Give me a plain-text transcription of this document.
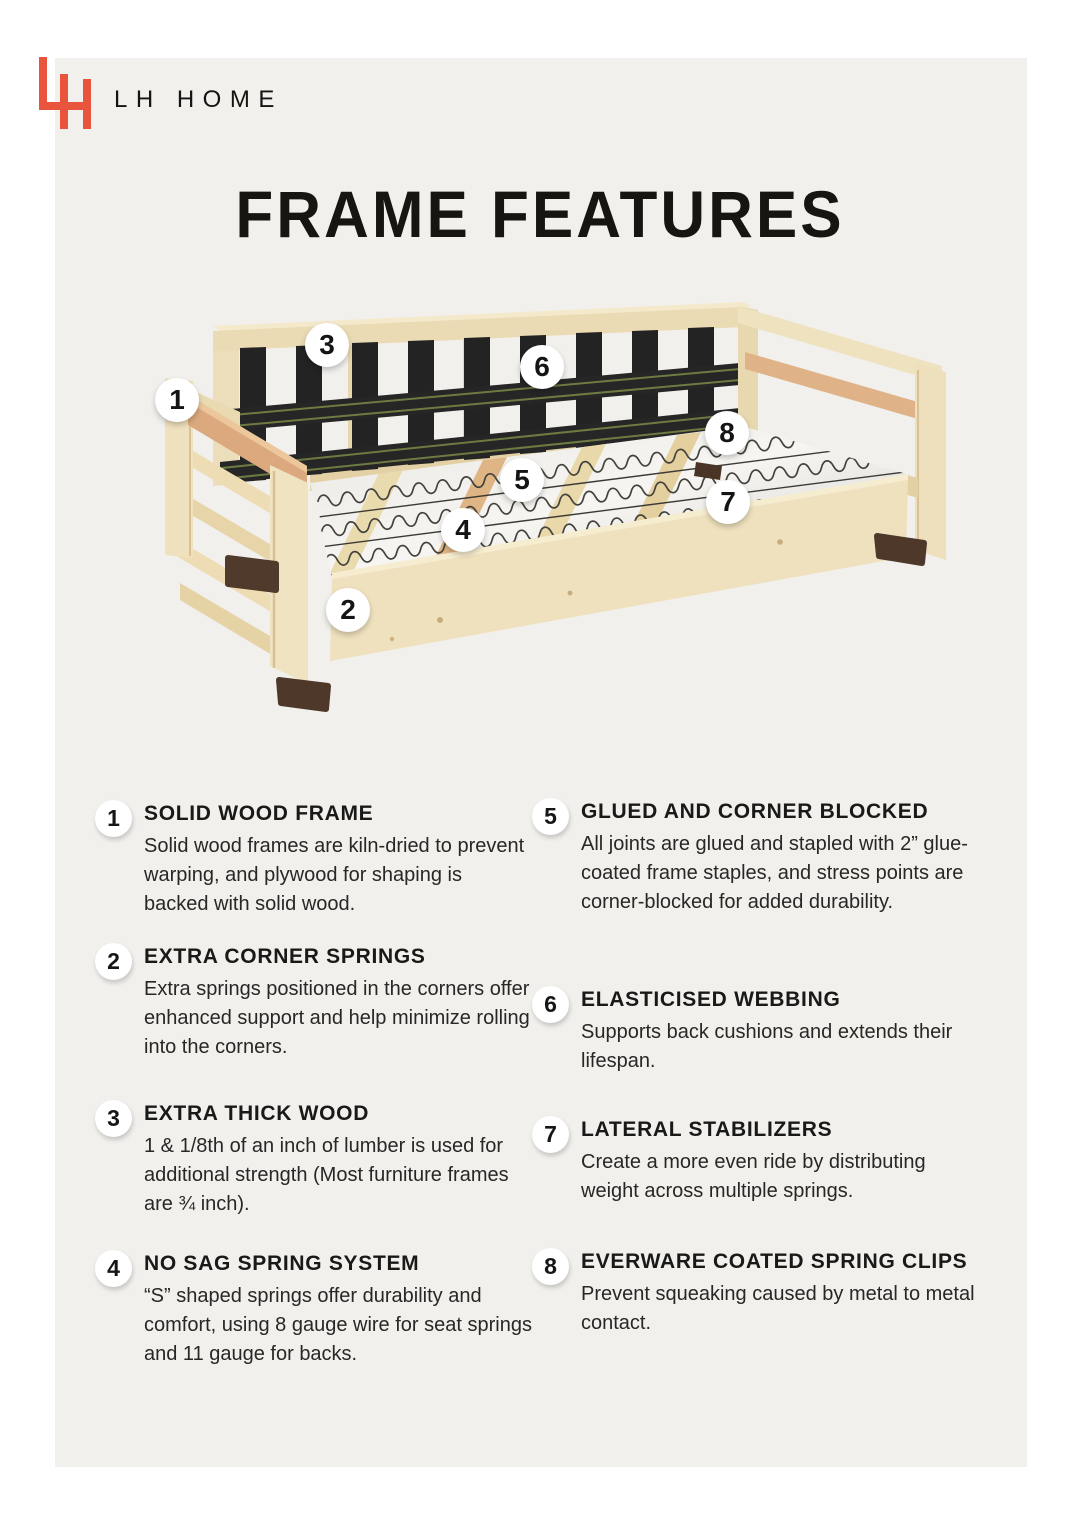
LH HOME
FRAME FEATURES
1
2
3
4
5
6
7
8
1	SOLID WOOD FRAME

Solid wood frames are kiln-dried to prevent warping, and plywood for shaping is backed with solid wood.

2	EXTRA CORNER SPRINGS

Extra springs positioned in the corners offer enhanced support and help minimize rolling into the corners.

3	EXTRA THICK WOOD

1 & 1/8th of an inch of lumber is used for additional strength (Most furniture frames are ¾ inch).

4	NO SAG SPRING SYSTEM

“S” shaped springs offer durability and comfort, using 8 gauge wire for seat springs and 11 gauge for backs.

5	GLUED AND CORNER BLOCKED

All joints are glued and stapled with 2” glue-coated frame staples, and stress points are corner-blocked for added durability.

6	ELASTICISED WEBBING

Supports back cushions and extends their lifespan.

7	LATERAL STABILIZERS

Create a more even ride by distributing weight across multiple springs.

8	EVERWARE COATED SPRING CLIPS

Prevent squeaking caused by metal to metal contact.
